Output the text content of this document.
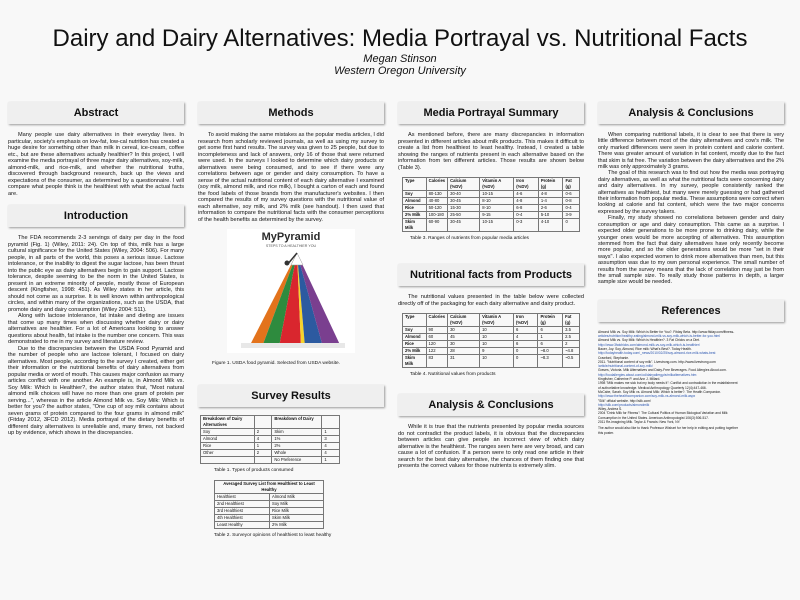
Dairy and Dairy Alternatives: Media Portrayal vs. Nutritional Facts
Megan Stinson
Western Oregon University
Abstract

Many people use dairy alternatives in their everyday lives. In particular, society's emphasis on low-fat, low-cal nutrition has created a huge desire for something other than milk in cereal, ice-cream, coffee etc., but are these alternatives actually healthier? In this project, I will examine the media portrayal of three major dairy alternatives, soy-milk, almond-milk, and rice-milk, and whether the nutritional truths, discovered through background research, back up the views and expectations of the consumer, as determined by a questionnaire. I will compare what people think is the healthiest with what the actual facts are.

Introduction

The FDA recommends 2-3 servings of dairy per day in the food pyramid (Fig. 1) (Wiley, 2011: 24). On top of this, milk has a large cultural significance for the United States (Wiley, 2004: 506). For many people, in all parts of the world, this poses a serious issue. Lactose intolerance, or the inability to digest the sugar lactose, has been thrust into the public eye as dairy alternatives begin to gain support. Lactose tolerance, despite seeming to be the norm in the United States, is present in an extreme minority of people, mostly those of European descent (Kingfisher, 1998: 451). As Wiley states in her article, this should not come as a surprise. It is well known within anthropological circles, and within many of the organizations, such as the USDA, that promote dairy and dairy consumption (Wiley 2004: 511).

Along with lactose intolerance, fat intake and dieting are issues that come up many times when discussing whether dairy or dairy alternatives are healthier. For a lot of Americans looking to answer questions about health, fat intake is the number one concern. This was demonstrated to me in my survey and literature review.

Due to the discrepancies between the USDA Food Pyramid and the number of people who are lactose tolerant, I focused on dairy alternatives. Most people, according to the survey I created, either get their information or the nutritional benefits of dairy alternatives from popular media or word of mouth. This causes major confusion as many articles conflict with one another. An example is, in Almond Milk vs. Soy Milk: Which is Healthier?, the author states that, "Most natural almond milk choices will have no more than one gram of protein per serving...", whereas in the article Almond Milk vs. Soy Milk: Which is better for you? the author states, "One cup of soy milk contains about seven grams of protein compared to the four grams in almond milk" (Fitday 2012, 3FCD 2012). Media portrayal of the dietary benefits of different dairy alternatives is unreliable and, many times, not backed up by evidence, which shows in the discrepancies.

Methods

To avoid making the same mistakes as the popular media articles, I did research from scholarly reviewed journals, as well as using my survey to get some first hand results. The survey was given to 25 people, but due to incompleteness and lack of answers, only 16 of those that were returned were used. In the surveys I looked to determine which dairy products or alternatives were being consumed, and to see if there were any correlations between age or gender and dairy consumption. To have a sense of the actual nutritional content of each dairy alternative I examined (soy milk, almond milk, and rice milk), I bought a carton of each and found the food labels of those brands from the manufacturer's websites. I then compared the results of my survey questions with the nutritional value of each alternative, soy milk, and 2% milk (see handout). I then used that information to compare the nutritional facts with the consumer perceptions of the health benefits as determined by the survey.

MyPyramid
STEPS TO A HEALTHIER YOU
Figure 1. USDA food pyramid. Selected from USDA website.
Survey Results
Breakdown of Dairy Alternatives		Breakdown of Dairy	
Soy	2	Skim	1
Almond	4	1%	3
Rice	1	2%	4
Other	2	Whole	4
		No Preference	1
Table 1. Types of products consumed
Averaged Survey List from Healthiest to Least Healthy	
Healthiest	Almond Milk
2nd Healthiest	Soy Milk
3rd Healthiest	Rice Milk
4th Healthiest	Skim Milk
Least Healthy	2% Milk
Table 2. Surveyor opinions of healthiest to least healthy
Media Portrayal Summary

As mentioned before, there are many discrepancies in information presented in different articles about milk products. This makes it difficult to create a list from healthiest to least healthy. Instead, I created a table showing the ranges of nutrients present in each alternative based on the information from ten different articles. Those results are shown below (Table 3).

Type	Calories	Calcium (%DV)	Vitamin A (%DV)	Iron (%DV)	Protein (g)	Fat (g)
Soy	80-130	30-40	10-15	4-6	4-8	0-6
Almond	40-80	30-45	8-10	4-8	1-4	0-8
Rice	50-120	15-30	8-10	6-8	2-6	0-4
2% Milk	100-180	25-50	9-15	0-4	5-10	3-9
Skim Milk	60-90	30-45	10-15	0-3	4-10	0
Table 3. Ranges of nutrients from popular media articles
Nutritional facts from Products

The nutritional values presented in the table below were collected directly off of the packaging for each dairy alternative and dairy product.

Type	Calories	Calcium (%DV)	Vitamin A (%DV)	Iron (%DV)	Protein (g)	Fat (g)
Soy	90	30	10	6	6	3.5
Almond	60	45	10	4	1	2.5
Rice	120	30	10	6	6	2
2% Milk	122	28	9	0	~8.0	~4.8
Skim Milk	83	31	10	0	~8.3	~0.5
Table 4. Nutritional values from products
Analysis & Conclusions

While it is true that the nutrients presented by popular media sources do not contradict the product labels, it is obvious that the discrepancies between articles can give people an incorrect view of which dairy alternative is the healthiest. The ranges seen here are very broad, and can cause a lot of confusion. If a person were to only read one article in their search for the best dairy alternative, the chances of them finding one that presents the correct values for those nutrients is extremely slim.

Analysis & Conclusions

When comparing nutritional labels, it is clear to see that there is very little difference between most of the dairy alternatives and cow's milk. The only marked differences were seen in protein content and calorie content. There was greater amount of variation in fat content, mostly due to the fact that skim is fat free. The variation between the dairy alternatives and the 2% milk was only approximately 3 grams.

The goal of this research was to find out how the media was portraying dairy alternatives, as well as what the nutritional facts were concerning dairy and dairy alternatives. In my survey, people consistently ranked the alternatives as healthiest, but many were merely guessing or had gathered their information from popular media. These assumptions were correct when looking at calorie and fat content, which were the two major concerns expressed by the survey takers.

Finally, my study showed no correlations between gender and dairy consumption or age and dairy consumption. This came as a surprise. I expected older generations to be more prone to drinking dairy, while the younger ones would be more accepting of alternatives. This assumption stemmed from the fact that dairy alternatives have only recently become more popular, and so the older generations would be more "set in their ways". I also expected women to drink more alternatives than men, but this assumption was due to my own personal experience. The small number of results from the survey means that the lack of correlation may just be from the small sample size. To really study those patterns in depth, a larger sample size would be needed.

References
Almond Milk vs. Soy Milk: Which is Better for You?. Fitday Beta. http://www.fitday.com/fitness-
articles/nutrition/healthy-eating/almond-milk-vs-soy-milk-which-is-better-for-you.html
Almond Milk vs. Soy Milk: Which is Healthier?. 3 Fat Chicks on a Diet.
http://www.3fatchicks.com/almond-milk-vs-soy-milk-which-is-healthier/
Bauer, Joy. Soy, Almond, Rice milk: What's Best?. Today Health.
http://todayhealth.today.com/_news/2010/02/25/soy-almond-rice-milk-whats-best
Crawford, Stephanie.
2011. "Nutritional content of soy milk". Livestrong.com. http://www.livestrong.com
/article/nutritional-content-of-soy-milk/
Graves, Victoria. Milk Alternatives and Dairy-Free Beverages. Food Allergies About.com.
http://foodallergies.about.com/od/dairyallergy/a/milkalternatives.htm
Kingfisher, Catherine P. and Ann J. Millard.
1998 "Milk makes me sick but my body needs it": Conflict and contradiction in the establishment
of authoritative knowledge. Medical Anthropology Quarterly 12(4):447-466.
McCabe, Sarah. Soy Milk vs. Almond Milk: Which is better?. The Health Companion.
http://www.thehealthcompanion.com/soy-milk-vs-almond-milk.aspx
"Silk" official website. http://silk.com/
http://silk.com/products/almondmilk
Wiley, Andrea S.
2004 "Drink Milk for Fitness": The Cultural Politics of Human Biological Variation and Milk
Consumption in the United States. American Anthropologist 106(3):506-517.
2011 Re-imagining Milk. Taylor & Francis: New York, NY.
The author would also like to thank Professor Wishart for her help in editing and putting together
this poster.
